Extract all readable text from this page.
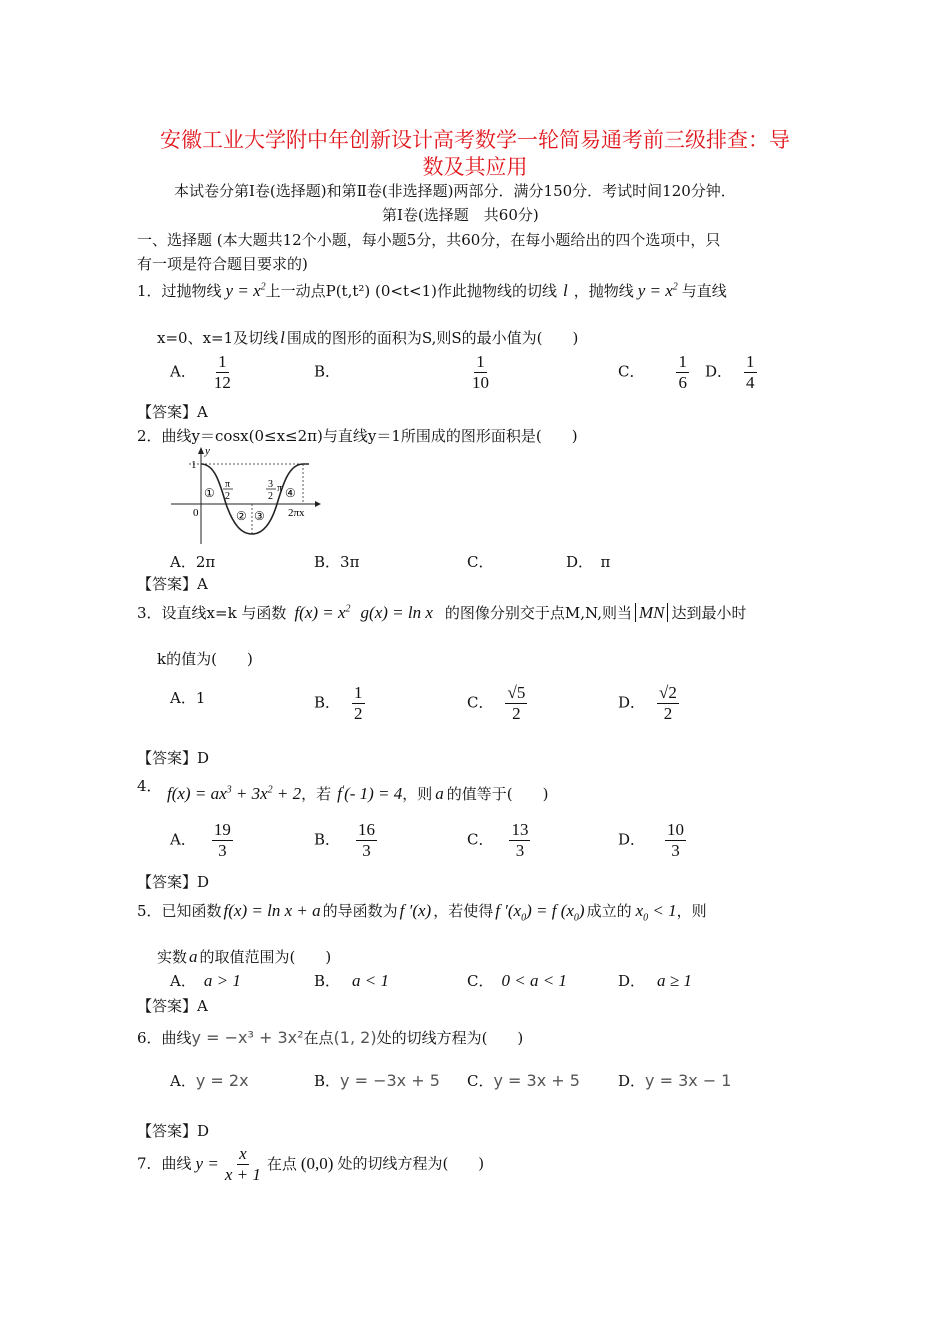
安徽工业大学附中年创新设计高考数学一轮简易通考前三级排查：导
数及其应用
本试卷分第Ⅰ卷(选择题)和第Ⅱ卷(非选择题)两部分．满分150分．考试时间120分钟．
第Ⅰ卷(选择题　共60分)
一、选择题 (本大题共12个小题，每小题5分，共60分，在每小题给出的四个选项中，只
有一项是符合题目要求的)
1．过抛物线 $y = x^2$上一动点P(t,t²) (0<t<1)作此抛物线的切线 l ，抛物线 $y = x^2$ 与直线
x=0、x=1及切线 l 围成的图形的面积为S,则S的最小值为(　　)
A． $\frac{1}{12}$	B．	$\frac{1}{10}$	C． $\frac{1}{6}$ D． $\frac{1}{4}$
【答案】A
2．曲线y＝cosx(0≤x≤2π)与直线y＝1所围成的图形面积是(　　)
y
1
0	2πx
π
2
3
2
π
①
② ③
④
A．2π	B．3π	C．	D．　π
【答案】A
3．设直线x=k 与函数 $f(x) = x^2$ g(x) = ln x 的图像分别交于点M,N,则当 MN 达到最小时
k的值为(　　)
A．1	B． $\frac{1}{2}$	C． $\frac{√5}{2}$	D． $\frac{√2}{2}$
【答案】D
4． $f(x) = ax^3 + 3x^2 + 2$，若 f′(- 1) = 4，则 a 的值等于(　　)
A． $\frac{19}{3}$	B． $\frac{16}{3}$	C． $\frac{13}{3}$	D． $\frac{10}{3}$
【答案】D
5．已知函数 f(x) = ln x + a 的导函数为 f ′(x) ，若使得 f $'(x_0) = f$ $(x_0)$ 成立的 $x_0 < 1$，则
实数 a 的取值范围为(　　)
A． a > 1	B． a < 1	C． 0 < a < 1	D． a ≥ 1
【答案】A
6．曲线y = −x³ + 3x²在点(1, 2)处的切线方程为(　　)
A．y = 2x	B．y = −3x + 5 C．y = 3x + 5	D．y = 3x − 1
【答案】D
7．曲线 $y = \frac{x}{x + 1}$ 在点 (0,0) 处的切线方程为(　　)
